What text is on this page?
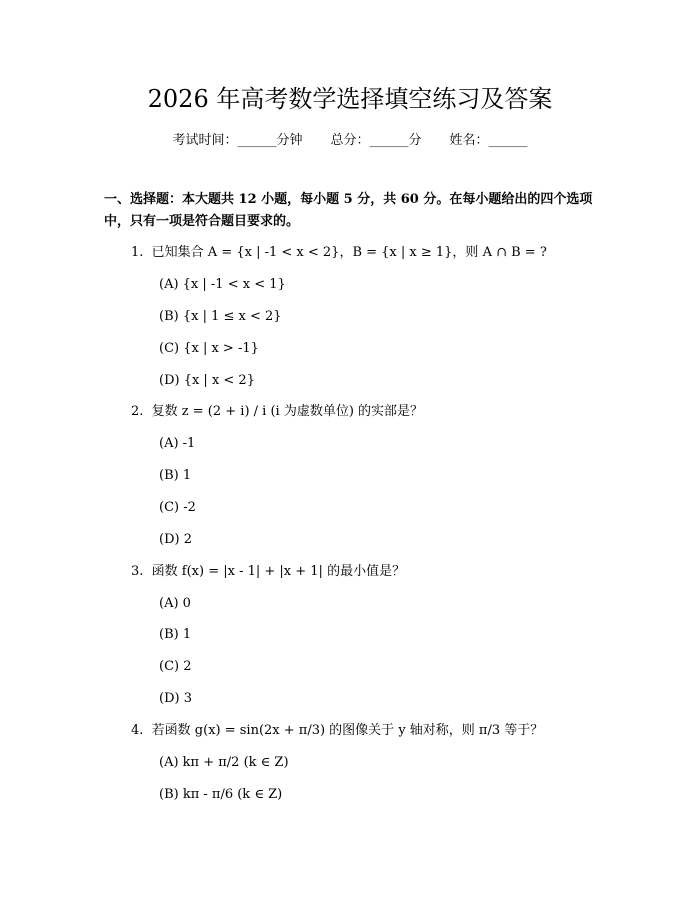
2026 年高考数学选择填空练习及答案
考试时间：______分钟 总分：______分 姓名：______
一、选择题：本大题共 12 小题，每小题 5 分，共 60 分。在每小题给出的四个选项中，只有一项是符合题目要求的。
1.  已知集合 A = {x | -1 < x < 2}，B = {x | x ≥ 1}，则 A ∩ B = ?
(A) {x | -1 < x < 1}
(B) {x | 1 ≤ x < 2}
(C) {x | x > -1}
(D) {x | x < 2}
2.  复数 z = (2 + i) / i (i 为虚数单位) 的实部是？
(A) -1
(B) 1
(C) -2
(D) 2
3.  函数 f(x) = |x - 1| + |x + 1| 的最小值是？
(A) 0
(B) 1
(C) 2
(D) 3
4.  若函数 g(x) = sin(2x + π/3) 的图像关于 y 轴对称，则 π/3 等于？
(A) kπ + π/2 (k ∈ Z)
(B) kπ - π/6 (k ∈ Z)
